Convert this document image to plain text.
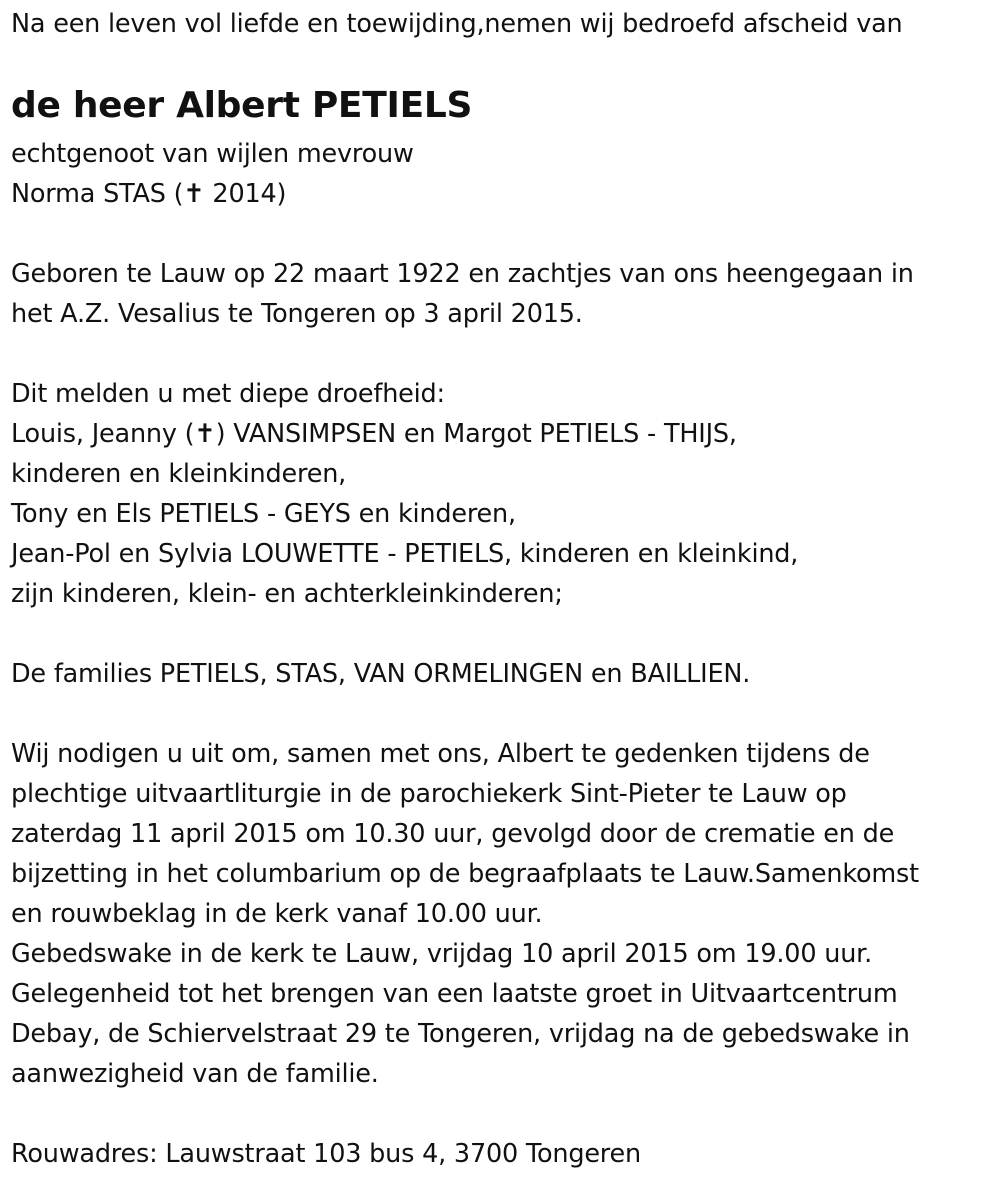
Na een leven vol liefde en toewijding,nemen wij bedroefd afscheid van
de heer Albert PETIELS
echtgenoot van wijlen mevrouw
Norma STAS (✝ 2014)
Geboren te Lauw op 22 maart 1922 en zachtjes van ons heengegaan in
het A.Z. Vesalius te Tongeren op 3 april 2015.
Dit melden u met diepe droefheid:
Louis, Jeanny (✝) VANSIMPSEN en Margot PETIELS - THIJS,
kinderen en kleinkinderen,
Tony en Els PETIELS - GEYS en kinderen,
Jean-Pol en Sylvia LOUWETTE - PETIELS, kinderen en kleinkind,
zijn kinderen, klein- en achterkleinkinderen;
De families PETIELS, STAS, VAN ORMELINGEN en BAILLIEN.
Wij nodigen u uit om, samen met ons, Albert te gedenken tijdens de
plechtige uitvaartliturgie in de parochiekerk Sint-Pieter te Lauw op
zaterdag 11 april 2015 om 10.30 uur, gevolgd door de crematie en de
bijzetting in het columbarium op de begraafplaats te Lauw.Samenkomst
en rouwbeklag in de kerk vanaf 10.00 uur.
Gebedswake in de kerk te Lauw, vrijdag 10 april 2015 om 19.00 uur.
Gelegenheid tot het brengen van een laatste groet in Uitvaartcentrum
Debay, de Schiervelstraat 29 te Tongeren, vrijdag na de gebedswake in
aanwezigheid van de familie.
Rouwadres: Lauwstraat 103 bus 4, 3700 Tongeren
